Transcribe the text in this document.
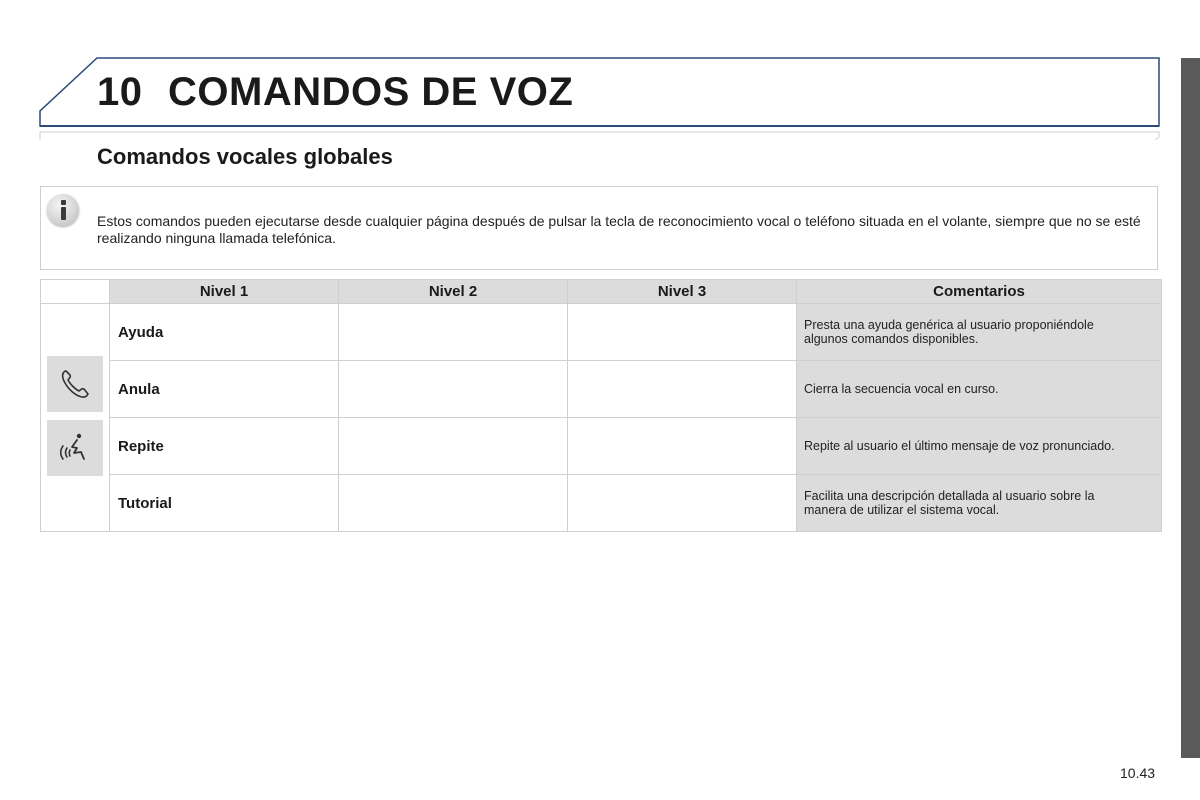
10 COMANDOS DE VOZ
Comandos vocales globales
Estos comandos pueden ejecutarse desde cualquier página después de pulsar la tecla de reconocimiento vocal o teléfono situada en el volante, siempre que no se esté realizando ninguna llamada telefónica.
	Nivel 1	Nivel 2	Nivel 3	Comentarios

	Ayuda			Presta una ayuda genérica al usuario proponiéndole algunos comandos disponibles.
	Anula			Cierra la secuencia vocal en curso.
	Repite			Repite al usuario el último mensaje de voz pronunciado.
	Tutorial			Facilita una descripción detallada al usuario sobre la manera de utilizar el sistema vocal.
10.43
